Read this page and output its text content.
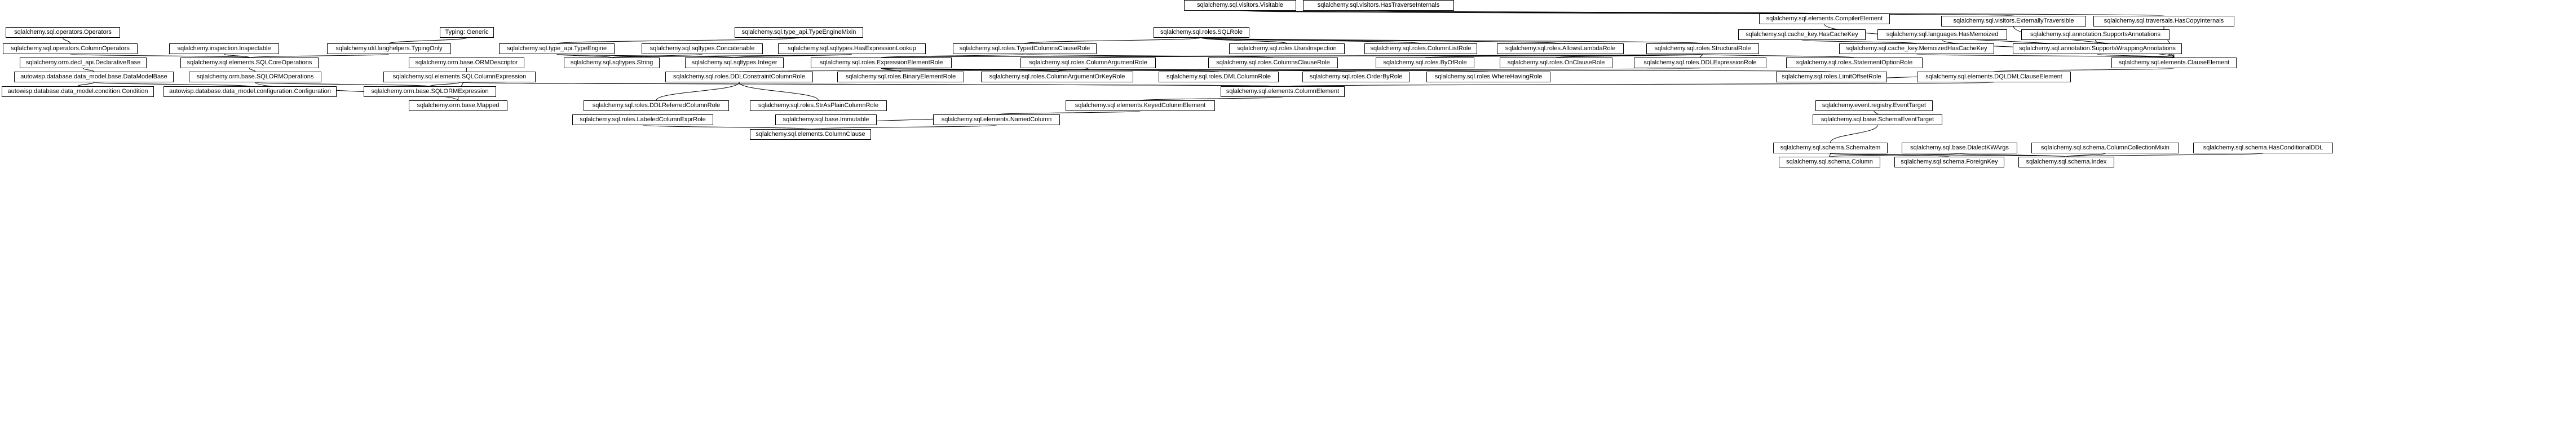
sqlalchemy.sql.visitors.Visitable	sqlalchemy.sql.visitors.HasTraverseInternals
sqlalchemy.sql.elements.CompilerElement	sqlalchemy.sql.visitors.ExternallyTraversible	sqlalchemy.sql.traversals.HasCopyInternals
sqlalchemy.sql.operators.Operators	Typing: Generic	sqlalchemy.sql.type_api.TypeEngineMixin	sqlalchemy.sql.roles.SQLRole	sqlalchemy.sql.cache_key.HasCacheKey	sqlalchemy.sql.languages.HasMemoized	sqlalchemy.sql.annotation.SupportsAnnotations
sqlalchemy.sql.operators.ColumnOperators	sqlalchemy.inspection.Inspectable	sqlalchemy.util.langhelpers.TypingOnly	sqlalchemy.sql.type_api.TypeEngine	sqlalchemy.sql.sqltypes.Concatenable	sqlalchemy.sql.sqltypes.HasExpressionLookup	sqlalchemy.sql.roles.TypedColumnsClauseRole	sqlalchemy.sql.roles.UsesInspection	sqlalchemy.sql.roles.ColumnListRole	sqlalchemy.sql.roles.AllowsLambdaRole	sqlalchemy.sql.roles.StructuralRole	sqlalchemy.sql.cache_key.MemoizedHasCacheKey	sqlalchemy.sql.annotation.SupportsWrappingAnnotations
sqlalchemy.orm.decl_api.DeclarativeBase	sqlalchemy.sql.elements.SQLCoreOperations	sqlalchemy.orm.base.ORMDescriptor	sqlalchemy.sql.sqltypes.String	sqlalchemy.sql.sqltypes.Integer	sqlalchemy.sql.roles.ExpressionElementRole	sqlalchemy.sql.roles.ColumnArgumentRole	sqlalchemy.sql.roles.ColumnsClauseRole	sqlalchemy.sql.roles.ByOfRole	sqlalchemy.sql.roles.OnClauseRole	sqlalchemy.sql.roles.DDLExpressionRole	sqlalchemy.sql.roles.StatementOptionRole	sqlalchemy.sql.elements.ClauseElement
autowisp.database.data_model.base.DataModelBase	sqlalchemy.orm.base.SQLORMOperations	sqlalchemy.sql.elements.SQLColumnExpression	sqlalchemy.sql.roles.DDLConstraintColumnRole	sqlalchemy.sql.roles.BinaryElementRole	sqlalchemy.sql.roles.ColumnArgumentOrKeyRole	sqlalchemy.sql.roles.DMLColumnRole	sqlalchemy.sql.roles.OrderByRole	sqlalchemy.sql.roles.WhereHavingRole	sqlalchemy.sql.roles.LimitOffsetRole	sqlalchemy.sql.elements.DQLDMLClauseElement
autowisp.database.data_model.condition.Condition	autowisp.database.data_model.configuration.Configuration	sqlalchemy.orm.base.SQLORMExpression	sqlalchemy.sql.elements.ColumnElement
sqlalchemy.orm.base.Mapped	sqlalchemy.sql.roles.DDLReferredColumnRole	sqlalchemy.sql.roles.StrAsPlainColumnRole	sqlalchemy.sql.elements.KeyedColumnElement	sqlalchemy.event.registry.EventTarget
sqlalchemy.sql.roles.LabeledColumnExprRole	sqlalchemy.sql.base.Immutable	sqlalchemy.sql.elements.NamedColumn	sqlalchemy.sql.base.SchemaEventTarget
sqlalchemy.sql.elements.ColumnClause
sqlalchemy.sql.schema.SchemaItem	sqlalchemy.sql.base.DialectKWArgs	sqlalchemy.sql.schema.ColumnCollectionMixin	sqlalchemy.sql.schema.HasConditionalDDL
sqlalchemy.sql.schema.Column	sqlalchemy.sql.schema.ForeignKey	sqlalchemy.sql.schema.Index
